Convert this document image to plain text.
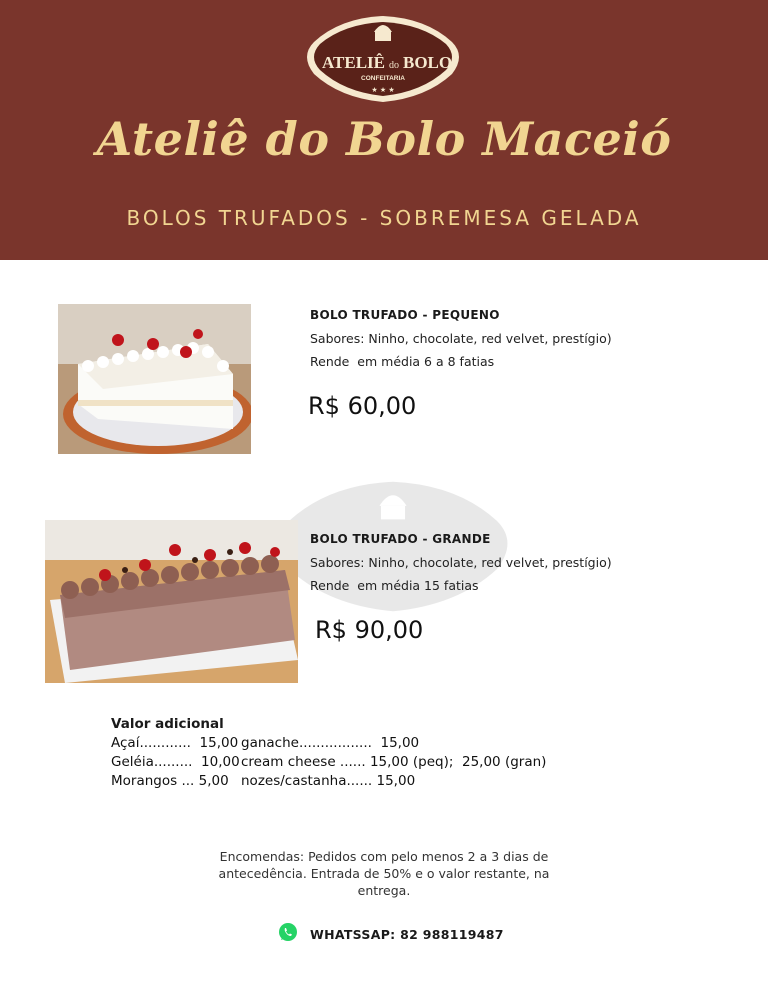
ATELIÊ do BOLO
CONFEITARIA
★ ★ ★
Ateliê do Bolo Maceió
BOLOS TRUFADOS - SOBREMESA GELADA
BOLO TRUFADO - PEQUENO
Sabores: Ninho, chocolate, red velvet, prestígio)
Rende  em média 6 a 8 fatias
R$ 60,00
BOLO TRUFADO - GRANDE
Sabores: Ninho, chocolate, red velvet, prestígio)
Rende  em média 15 fatias
R$ 90,00
Valor adicional
Açaí............  15,00
Geléia.........  10,00
Morangos ... 5,00
ganache.................  15,00
cream cheese ...... 15,00 (peq);  25,00 (gran)
nozes/castanha...... 15,00
Encomendas: Pedidos com pelo menos 2 a 3 dias de antecedência. Entrada de 50% e o valor restante, na entrega.
WHATSSAP: 82 988119487
